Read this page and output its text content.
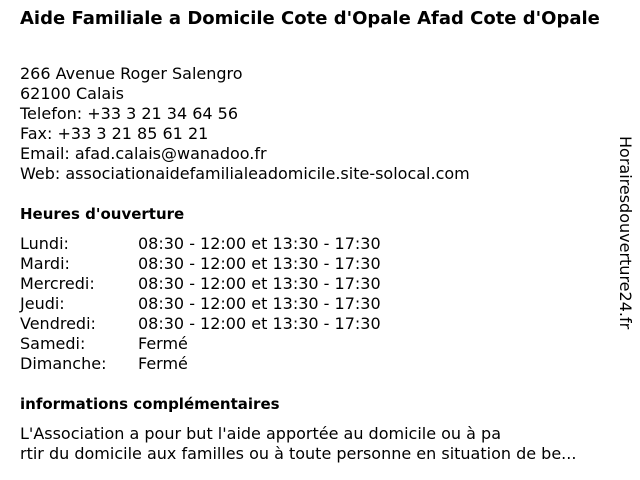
Aide Familiale a Domicile Cote d'Opale Afad Cote d'Opale
266 Avenue Roger Salengro
62100 Calais
Telefon: +33 3 21 34 64 56
Fax: +33 3 21 85 61 21
Email: afad.calais@wanadoo.fr
Web: associationaidefamilialeadomicile.site-solocal.com
Heures d'ouverture
Lundi:	08:30 - 12:00 et 13:30 - 17:30
Mardi:	08:30 - 12:00 et 13:30 - 17:30
Mercredi:	08:30 - 12:00 et 13:30 - 17:30
Jeudi:	08:30 - 12:00 et 13:30 - 17:30
Vendredi:	08:30 - 12:00 et 13:30 - 17:30
Samedi:	Fermé
Dimanche:	Fermé
informations complémentaires
L'Association a pour but l'aide apportée au domicile ou à pa
rtir du domicile aux familles ou à toute personne en situation de be...
Horairesdouverture24.fr
